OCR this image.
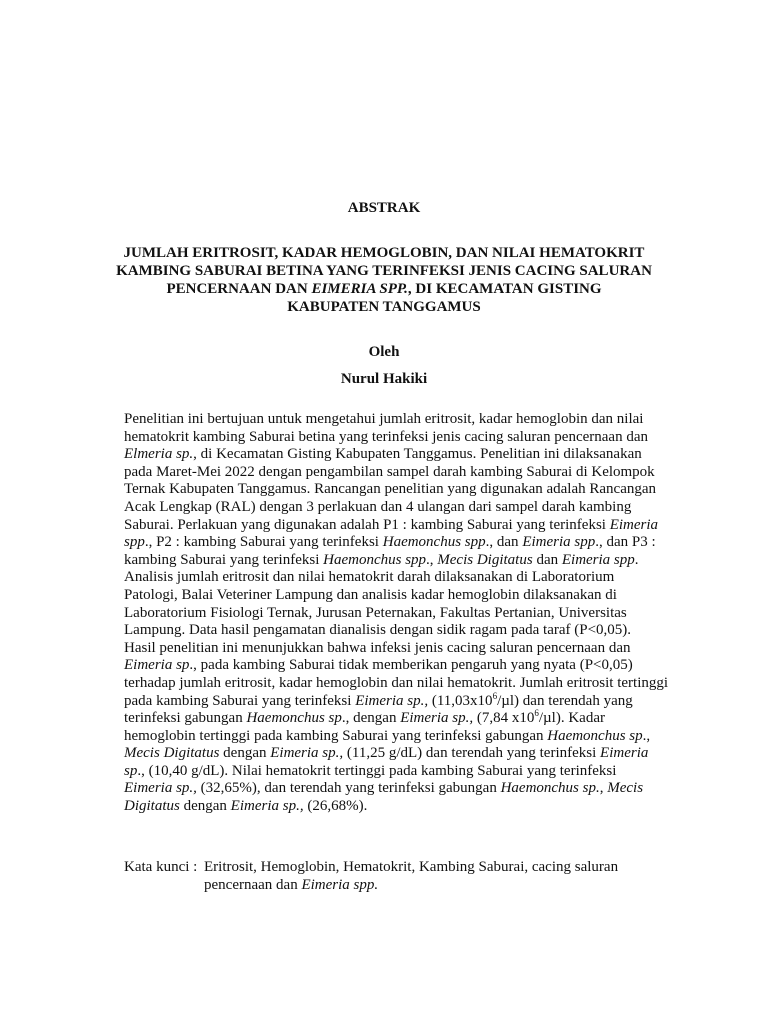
ABSTRAK
JUMLAH ERITROSIT, KADAR HEMOGLOBIN, DAN NILAI HEMATOKRIT
KAMBING SABURAI BETINA YANG TERINFEKSI JENIS CACING SALURAN
PENCERNAAN DAN EIMERIA SPP., DI KECAMATAN GISTING
KABUPATEN TANGGAMUS
Oleh
Nurul Hakiki
Penelitian ini bertujuan untuk mengetahui jumlah eritrosit, kadar hemoglobin dan nilai
hematokrit kambing Saburai betina yang terinfeksi jenis cacing saluran pencernaan dan
Elmeria sp., di Kecamatan Gisting Kabupaten Tanggamus. Penelitian ini dilaksanakan
pada Maret-Mei 2022 dengan pengambilan sampel darah kambing Saburai di Kelompok
Ternak Kabupaten Tanggamus. Rancangan penelitian yang digunakan adalah Rancangan
Acak Lengkap (RAL) dengan 3 perlakuan dan 4 ulangan dari sampel darah kambing
Saburai. Perlakuan yang digunakan adalah P1 : kambing Saburai yang terinfeksi Eimeria
spp., P2 : kambing Saburai yang terinfeksi Haemonchus spp., dan Eimeria spp., dan P3 :
kambing Saburai yang terinfeksi Haemonchus spp., Mecis Digitatus dan Eimeria spp.
Analisis jumlah eritrosit dan nilai hematokrit darah dilaksanakan di Laboratorium
Patologi, Balai Veteriner Lampung dan analisis kadar hemoglobin dilaksanakan di
Laboratorium Fisiologi Ternak, Jurusan Peternakan, Fakultas Pertanian, Universitas
Lampung. Data hasil pengamatan dianalisis dengan sidik ragam pada taraf (P<0,05).
Hasil penelitian ini menunjukkan bahwa infeksi jenis cacing saluran pencernaan dan
Eimeria sp., pada kambing Saburai tidak memberikan pengaruh yang nyata (P<0,05)
terhadap jumlah eritrosit, kadar hemoglobin dan nilai hematokrit. Jumlah eritrosit tertinggi
pada kambing Saburai yang terinfeksi Eimeria sp., $(11,03x10^6/\mu l)$ dan terendah yang
terinfeksi gabungan Haemonchus sp., dengan Eimeria sp., (7,84 $x10^6/\mu l$). Kadar
hemoglobin tertinggi pada kambing Saburai yang terinfeksi gabungan Haemonchus sp.,
Mecis Digitatus dengan Eimeria sp., (11,25 g/dL) dan terendah yang terinfeksi Eimeria
sp., (10,40 g/dL). Nilai hematokrit tertinggi pada kambing Saburai yang terinfeksi
Eimeria sp., (32,65%), dan terendah yang terinfeksi gabungan Haemonchus sp., Mecis
Digitatus dengan Eimeria sp., (26,68%).
Kata kunci : Eritrosit, Hemoglobin, Hematokrit, Kambing Saburai, cacing saluran
pencernaan dan Eimeria spp.
